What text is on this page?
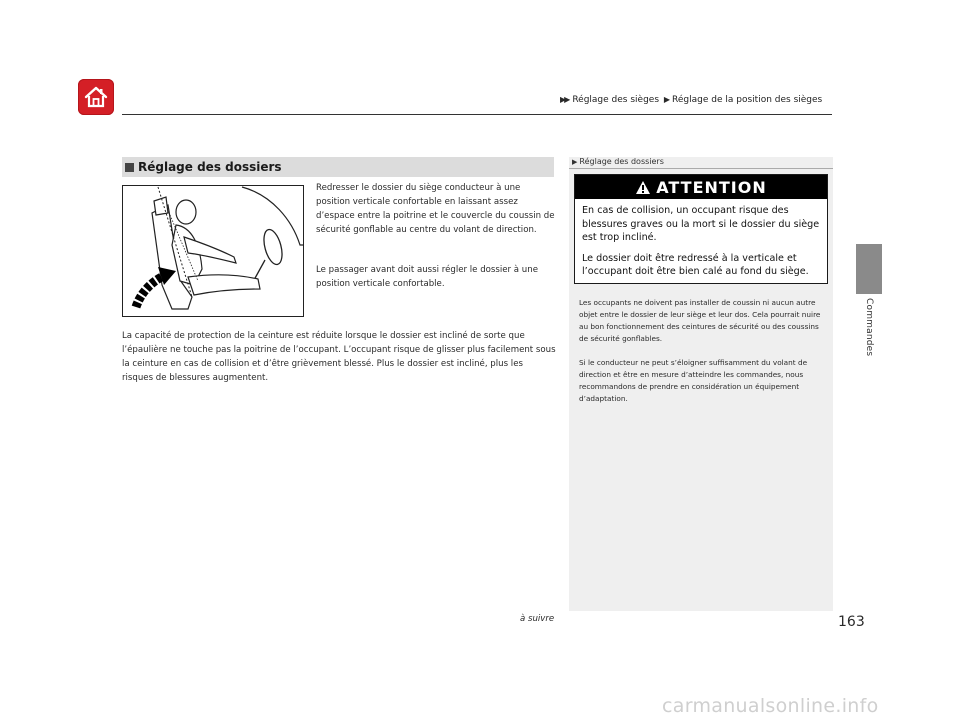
▶▶ Réglage des sièges ▶ Réglage de la position des sièges
Commandes
Réglage des dossiers
Redresser le dossier du siège conducteur à une position verticale confortable en laissant assez d’espace entre la poitrine et le couvercle du coussin de sécurité gonflable au centre du volant de direction.
Le passager avant doit aussi régler le dossier à une position verticale confortable.
La capacité de protection de la ceinture est réduite lorsque le dossier est incliné de sorte que l’épaulière ne touche pas la poitrine de l’occupant. L’occupant risque de glisser plus facilement sous la ceinture en cas de collision et d’être grièvement blessé. Plus le dossier est incliné, plus les risques de blessures augmentent.
▶ Réglage des dossiers
ATTENTION

En cas de collision, un occupant risque des blessures graves ou la mort si le dossier du siège est trop incliné.

Le dossier doit être redressé à la verticale et l’occupant doit être bien calé au fond du siège.

Les occupants ne doivent pas installer de coussin ni aucun autre objet entre le dossier de leur siège et leur dos. Cela pourrait nuire au bon fonctionnement des ceintures de sécurité ou des coussins de sécurité gonflables.
Si le conducteur ne peut s’éloigner suffisamment du volant de direction et être en mesure d’atteindre les commandes, nous recommandons de prendre en considération un équipement d’adaptation.
à suivre	163
carmanualsonline.info
